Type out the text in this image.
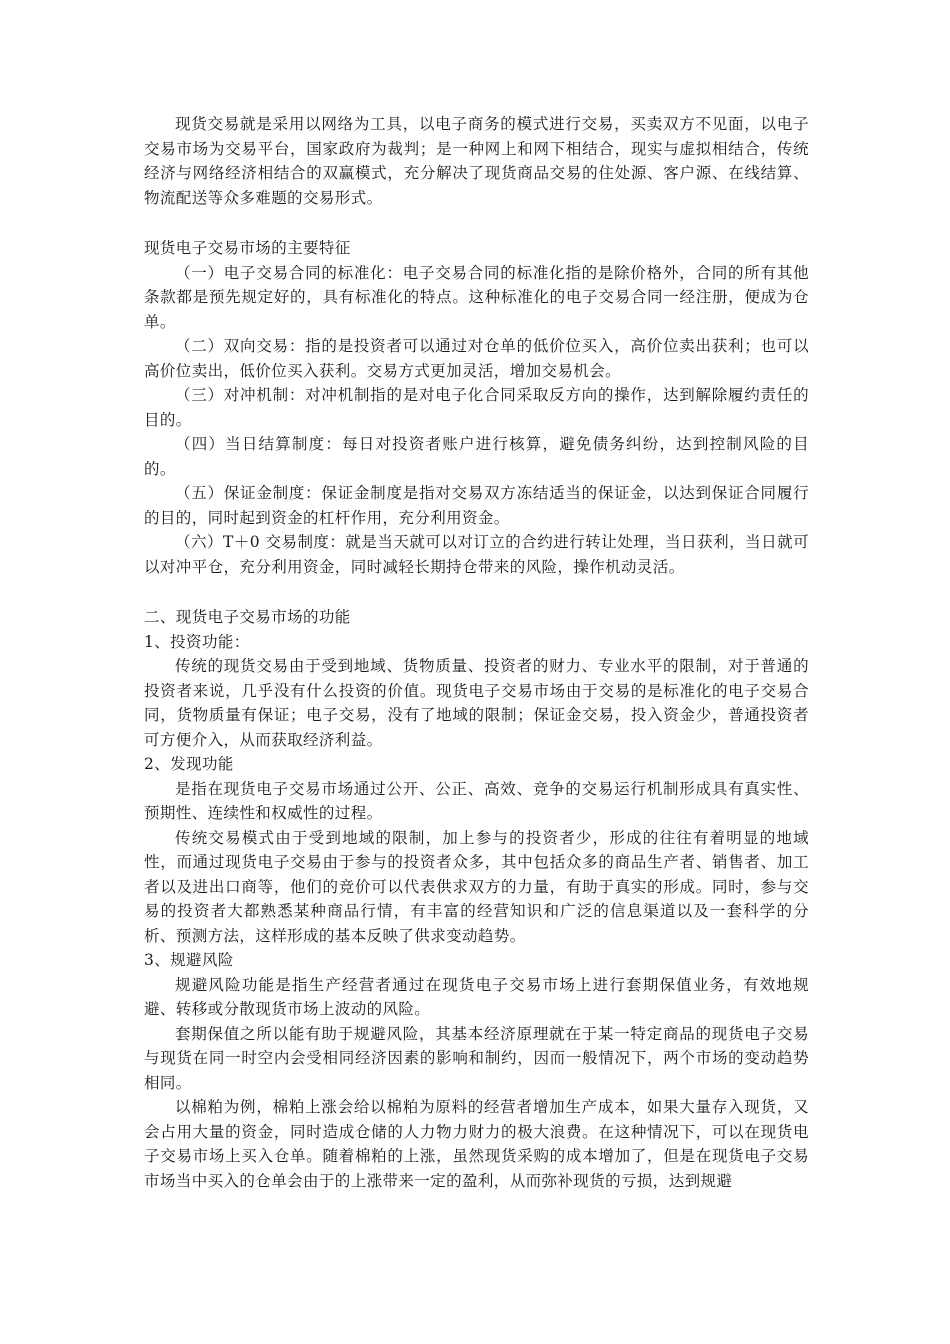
现货交易就是采用以网络为工具，以电子商务的模式进行交易，买卖双方不见面，以电子交易市场为交易平台，国家政府为裁判；是一种网上和网下相结合，现实与虚拟相结合，传统经济与网络经济相结合的双赢模式，充分解决了现货商品交易的住处源、客户源、在线结算、物流配送等众多难题的交易形式。

现货电子交易市场的主要特征

（一）电子交易合同的标准化：电子交易合同的标准化指的是除价格外，合同的所有其他条款都是预先规定好的，具有标准化的特点。这种标准化的电子交易合同一经注册，便成为仓单。

（二）双向交易：指的是投资者可以通过对仓单的低价位买入，高价位卖出获利；也可以高价位卖出，低价位买入获利。交易方式更加灵活，增加交易机会。

（三）对冲机制：对冲机制指的是对电子化合同采取反方向的操作，达到解除履约责任的目的。

（四）当日结算制度：每日对投资者账户进行核算，避免债务纠纷，达到控制风险的目的。

（五）保证金制度：保证金制度是指对交易双方冻结适当的保证金，以达到保证合同履行的目的，同时起到资金的杠杆作用，充分利用资金。

（六）T＋0 交易制度：就是当天就可以对订立的合约进行转让处理，当日获利，当日就可以对冲平仓，充分利用资金，同时减轻长期持仓带来的风险，操作机动灵活。

二、现货电子交易市场的功能

1、投资功能：

传统的现货交易由于受到地域、货物质量、投资者的财力、专业水平的限制，对于普通的投资者来说，几乎没有什么投资的价值。现货电子交易市场由于交易的是标准化的电子交易合同，货物质量有保证；电子交易，没有了地域的限制；保证金交易，投入资金少，普通投资者可方便介入，从而获取经济利益。

2、发现功能

是指在现货电子交易市场通过公开、公正、高效、竞争的交易运行机制形成具有真实性、预期性、连续性和权威性的过程。

传统交易模式由于受到地域的限制，加上参与的投资者少，形成的往往有着明显的地域性，而通过现货电子交易由于参与的投资者众多，其中包括众多的商品生产者、销售者、加工者以及进出口商等，他们的竞价可以代表供求双方的力量，有助于真实的形成。同时，参与交易的投资者大都熟悉某种商品行情，有丰富的经营知识和广泛的信息渠道以及一套科学的分析、预测方法，这样形成的基本反映了供求变动趋势。

3、规避风险

规避风险功能是指生产经营者通过在现货电子交易市场上进行套期保值业务，有效地规避、转移或分散现货市场上波动的风险。

套期保值之所以能有助于规避风险，其基本经济原理就在于某一特定商品的现货电子交易与现货在同一时空内会受相同经济因素的影响和制约，因而一般情况下，两个市场的变动趋势相同。

以棉粕为例，棉粕上涨会给以棉粕为原料的经营者增加生产成本，如果大量存入现货，又会占用大量的资金，同时造成仓储的人力物力财力的极大浪费。在这种情况下，可以在现货电子交易市场上买入仓单。随着棉粕的上涨，虽然现货采购的成本增加了，但是在现货电子交易市场当中买入的仓单会由于的上涨带来一定的盈利，从而弥补现货的亏损，达到规避
